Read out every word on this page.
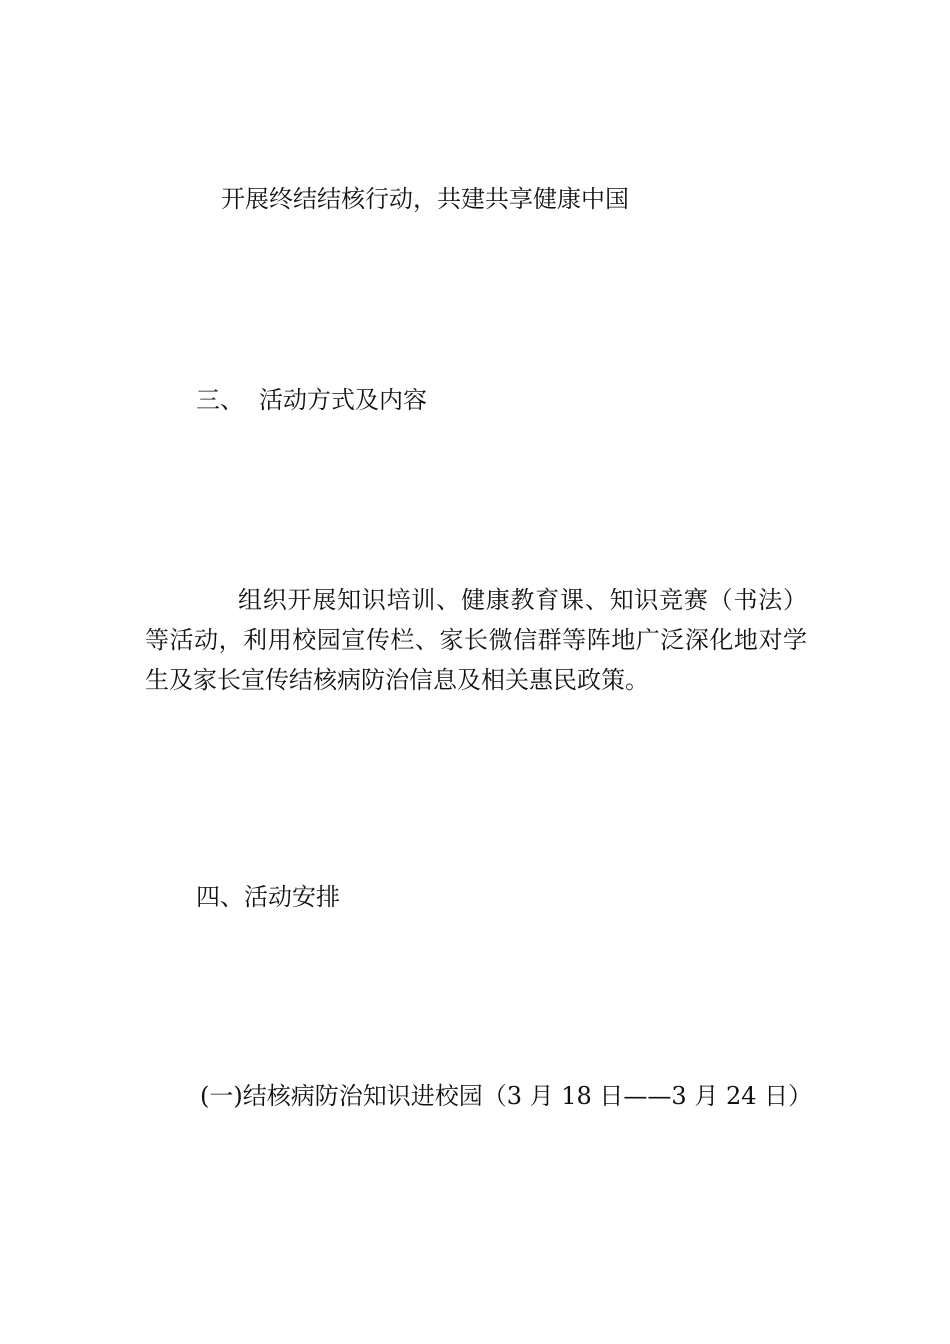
开展终结结核行动，共建共享健康中国

三、 活动方式及内容

组织开展知识培训、健康教育课、知识竞赛（书法）等活动，利用校园宣传栏、家长微信群等阵地广泛深化地对学生及家长宣传结核病防治信息及相关惠民政策。

四、活动安排

(一)结核病防治知识进校园（3 月 18 日——3 月 24 日）
